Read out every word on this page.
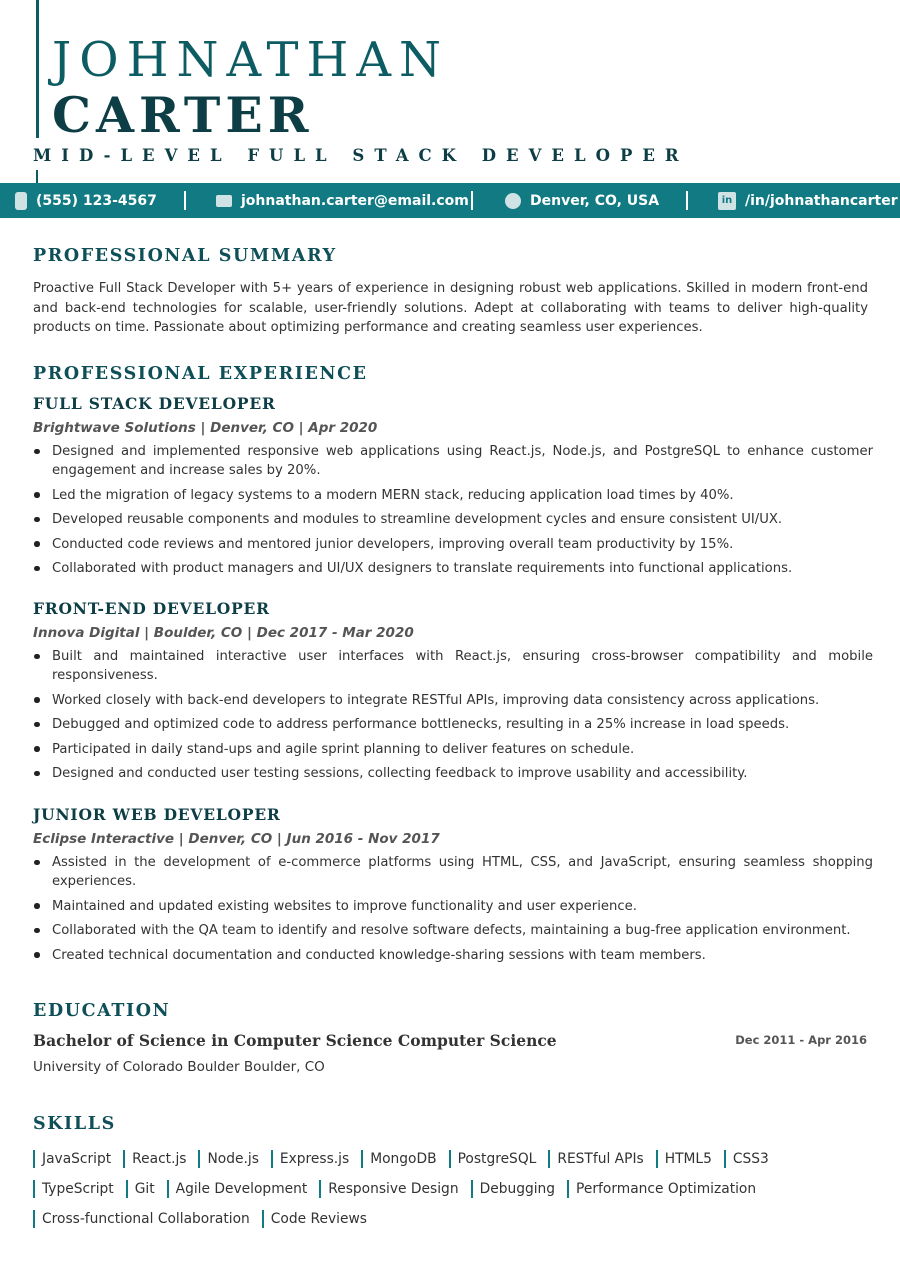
JOHNATHAN
CARTER
MID-LEVEL FULL STACK DEVELOPER
(555) 123-4567	johnathan.carter@email.com	Denver, CO, USA	in /in/johnathancarter
PROFESSIONAL SUMMARY
Proactive Full Stack Developer with 5+ years of experience in designing robust web applications. Skilled in modern front-end and back-end technologies for scalable, user-friendly solutions. Adept at collaborating with teams to deliver high-quality products on time. Passionate about optimizing performance and creating seamless user experiences.
PROFESSIONAL EXPERIENCE
FULL STACK DEVELOPER
Brightwave Solutions | Denver, CO | Apr 2020
Designed and implemented responsive web applications using React.js, Node.js, and PostgreSQL to enhance customer engagement and increase sales by 20%.
Led the migration of legacy systems to a modern MERN stack, reducing application load times by 40%.
Developed reusable components and modules to streamline development cycles and ensure consistent UI/UX.
Conducted code reviews and mentored junior developers, improving overall team productivity by 15%.
Collaborated with product managers and UI/UX designers to translate requirements into functional applications.
FRONT-END DEVELOPER
Innova Digital | Boulder, CO | Dec 2017 - Mar 2020
Built and maintained interactive user interfaces with React.js, ensuring cross-browser compatibility and mobile responsiveness.
Worked closely with back-end developers to integrate RESTful APIs, improving data consistency across applications.
Debugged and optimized code to address performance bottlenecks, resulting in a 25% increase in load speeds.
Participated in daily stand-ups and agile sprint planning to deliver features on schedule.
Designed and conducted user testing sessions, collecting feedback to improve usability and accessibility.
JUNIOR WEB DEVELOPER
Eclipse Interactive | Denver, CO | Jun 2016 - Nov 2017
Assisted in the development of e-commerce platforms using HTML, CSS, and JavaScript, ensuring seamless shopping experiences.
Maintained and updated existing websites to improve functionality and user experience.
Collaborated with the QA team to identify and resolve software defects, maintaining a bug-free application environment.
Created technical documentation and conducted knowledge-sharing sessions with team members.
EDUCATION
Bachelor of Science in Computer Science Computer Science	Dec 2011 - Apr 2016
University of Colorado Boulder Boulder, CO
SKILLS
JavaScript	React.js	Node.js	Express.js	MongoDB	PostgreSQL	RESTful APIs	HTML5	CSS3
TypeScript	Git	Agile Development	Responsive Design	Debugging	Performance Optimization
Cross-functional Collaboration	Code Reviews
